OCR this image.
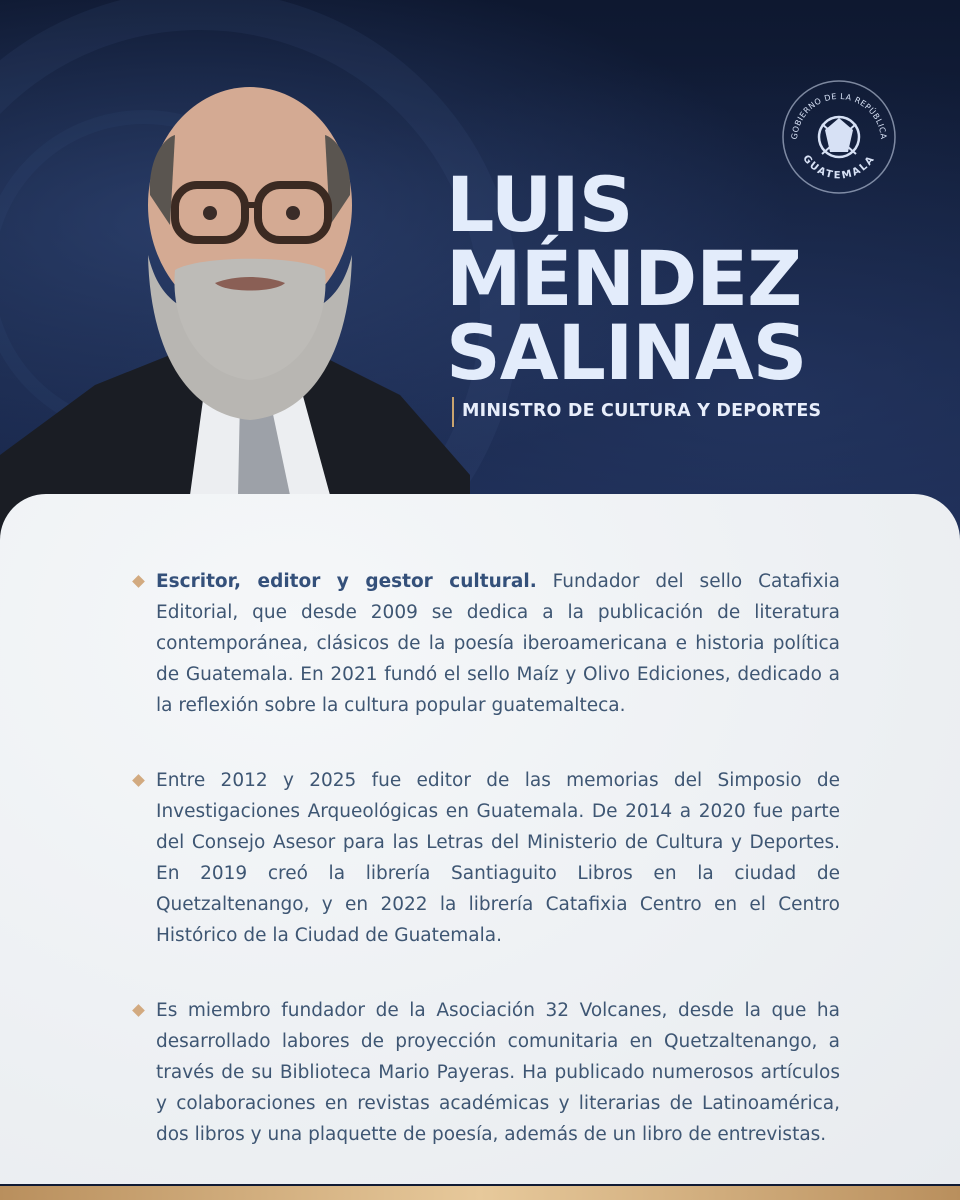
GOBIERNO DE LA REPÚBLICA
GUATEMALA
LUIS
MÉNDEZ
SALINAS
MINISTRO DE CULTURA Y DEPORTES

Escritor, editor y gestor cultural. Fundador del sello Catafixia Editorial, que desde 2009 se dedica a la publicación de literatura contemporánea, clásicos de la poesía iberoamericana e historia política de Guatemala. En 2021 fundó el sello Maíz y Olivo Ediciones, dedicado a la reflexión sobre la cultura popular guatemalteca.

Entre 2012 y 2025 fue editor de las memorias del Simposio de Investigaciones Arqueológicas en Guatemala. De 2014 a 2020 fue parte del Consejo Asesor para las Letras del Ministerio de Cultura y Deportes. En 2019 creó la librería Santiaguito Libros en la ciudad de Quetzaltenango, y en 2022 la librería Catafixia Centro en el Centro Histórico de la Ciudad de Guatemala.

Es miembro fundador de la Asociación 32 Volcanes, desde la que ha desarrollado labores de proyección comunitaria en Quetzaltenango, a través de su Biblioteca Mario Payeras. Ha publicado numerosos artículos y colaboraciones en revistas académicas y literarias de Latinoamérica, dos libros y una plaquette de poesía, además de un libro de entrevistas.
